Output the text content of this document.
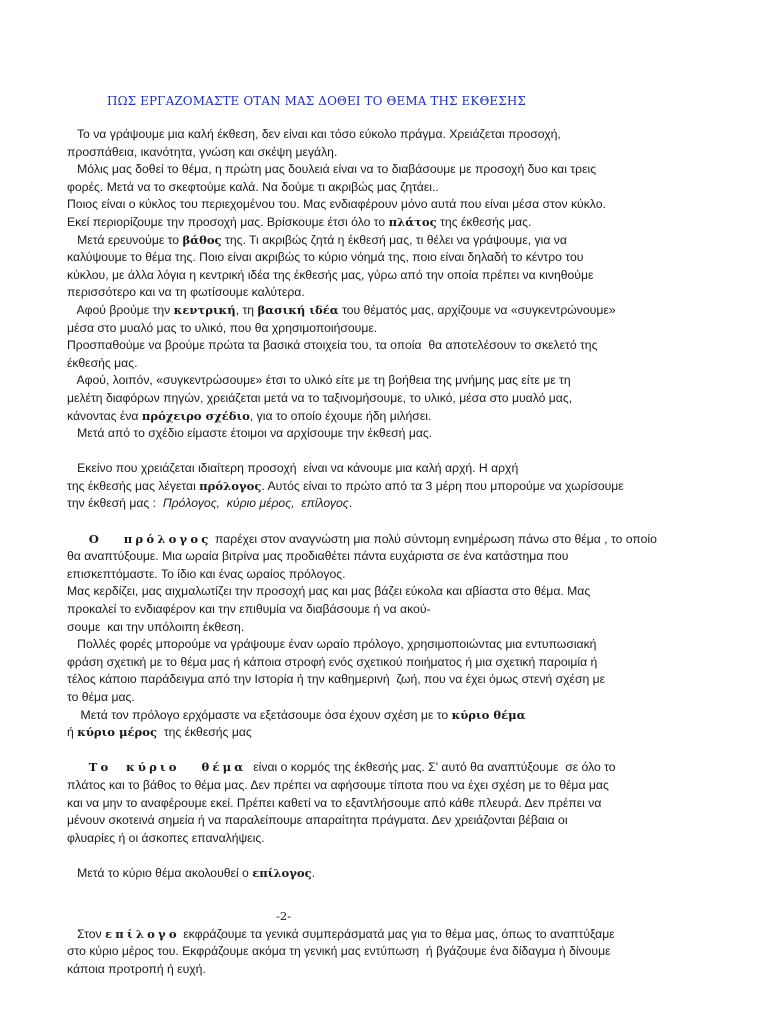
ΠΩΣ ΕΡΓΑΖΟΜΑΣΤΕ ΟΤΑΝ ΜΑΣ ΔΟΘΕΙ ΤΟ ΘΕΜΑ ΤΗΣ ΕΚΘΕΣΗΣ
Το να γράψουμε μια καλή έκθεση, δεν είναι και τόσο εύκολο πράγμα. Χρειάζεται προσοχή,
προσπάθεια, ικανότητα, γνώση και σκέψη μεγάλη.
Μόλις μας δοθεί το θέμα, η πρώτη μας δουλειά είναι να το διαβάσουμε με προσοχή δυο και τρεις
φορές. Μετά να το σκεφτούμε καλά. Να δούμε τι ακριβώς μας ζητάει..
Ποιος είναι ο κύκλος του περιεχομένου του. Μας ενδιαφέρουν μόνο αυτά που είναι μέσα στον κύκλο.
Εκεί περιορίζουμε την προσοχή μας. Βρίσκουμε έτσι όλο το πλάτος της έκθεσής μας.
Μετά ερευνούμε το βάθος της. Τι ακριβώς ζητά η έκθεσή μας, τι θέλει να γράψουμε, για να
καλύψουμε το θέμα της. Ποιο είναι ακριβώς το κύριο νόημά της, ποιο είναι δηλαδή το κέντρο του
κύκλου, με άλλα λόγια η κεντρική ιδέα της έκθεσής μας, γύρω από την οποία πρέπει να κινηθούμε
περισσότερο και να τη φωτίσουμε καλύτερα.
Αφού βρούμε την κεντρική, τη βασική ιδέα του θέματός μας, αρχίζουμε να «συγκεντρώνουμε»
μέσα στο μυαλό μας το υλικό, που θα χρησιμοποιήσουμε.
Προσπαθούμε να βρούμε πρώτα τα βασικά στοιχεία του, τα οποία  θα αποτελέσουν το σκελετό της
έκθεσής μας.
Αφού, λοιπόν, «συγκεντρώσουμε» έτσι το υλικό είτε με τη βοήθεια της μνήμης μας είτε με τη
μελέτη διαφόρων πηγών, χρειάζεται μετά να το ταξινομήσουμε, το υλικό, μέσα στο μυαλό μας,
κάνοντας ένα πρόχειρο σχέδιο, για το οποίο έχουμε ήδη μιλήσει.
Μετά από το σχέδιο είμαστε έτοιμοι να αρχίσουμε την έκθεσή μας.
Εκείνο που χρειάζεται ιδιαίτερη προσοχή  είναι να κάνουμε μια καλή αρχή. Η αρχή
της έκθεσής μας λέγεται πρόλογος. Αυτός είναι το πρώτο από τα 3 μέρη που μπορούμε να χωρίσουμε
την έκθεσή μας :  Πρόλογος,  κύριο μέρος,  επίλογος.
Ο   πρόλογος παρέχει στον αναγνώστη μια πολύ σύντομη ενημέρωση πάνω στο θέμα , το οποίο
θα αναπτύξουμε. Μια ωραία βιτρίνα μας προδιαθέτει πάντα ευχάριστα σε ένα κατάστημα που
επισκεπτόμαστε. Το ίδιο και ένας ωραίος πρόλογος.
Μας κερδίζει, μας αιχμαλωτίζει την προσοχή μας και μας βάζει εύκολα και αβίαστα στο θέμα. Μας
προκαλεί το ενδιαφέρον και την επιθυμία να διαβάσουμε ή να ακού-
σουμε  και την υπόλοιπη έκθεση.
Πολλές φορές μπορούμε να γράψουμε έναν ωραίο πρόλογο, χρησιμοποιώντας μια εντυπωσιακή
φράση σχετική με το θέμα μας ή κάποια στροφή ενός σχετικού ποιήματος ή μια σχετική παροιμία ή
τέλος κάποιο παράδειγμα από την Ιστορία ή την καθημερινή  ζωή, που να έχει όμως στενή σχέση με
το θέμα μας.
Μετά τον πρόλογο ερχόμαστε να εξετάσουμε όσα έχουν σχέση με το κύριο θέμα
ή κύριο μέρος  της έκθεσής μας
Το  κύριο   θέμα  είναι ο κορμός της έκθεσής μας. Σ' αυτό θα αναπτύξουμε  σε όλο το
πλάτος και το βάθος το θέμα μας. Δεν πρέπει να αφήσουμε τίποτα που να έχει σχέση με το θέμα μας
και να μην το αναφέρουμε εκεί. Πρέπει καθετί να το εξαντλήσουμε από κάθε πλευρά. Δεν πρέπει να
μένουν σκοτεινά σημεία ή να παραλείπουμε απαραίτητα πράγματα. Δεν χρειάζονται βέβαια οι
φλυαρίες ή οι άσκοπες επαναλήψεις.
Μετά το κύριο θέμα ακολουθεί ο επίλογος.
-2-
Στον επίλογο εκφράζουμε τα γενικά συμπεράσματά μας για το θέμα μας, όπως το αναπτύξαμε
στο κύριο μέρος του. Εκφράζουμε ακόμα τη γενική μας εντύπωση  ή βγάζουμε ένα δίδαγμα ή δίνουμε
κάποια προτροπή ή ευχή.
